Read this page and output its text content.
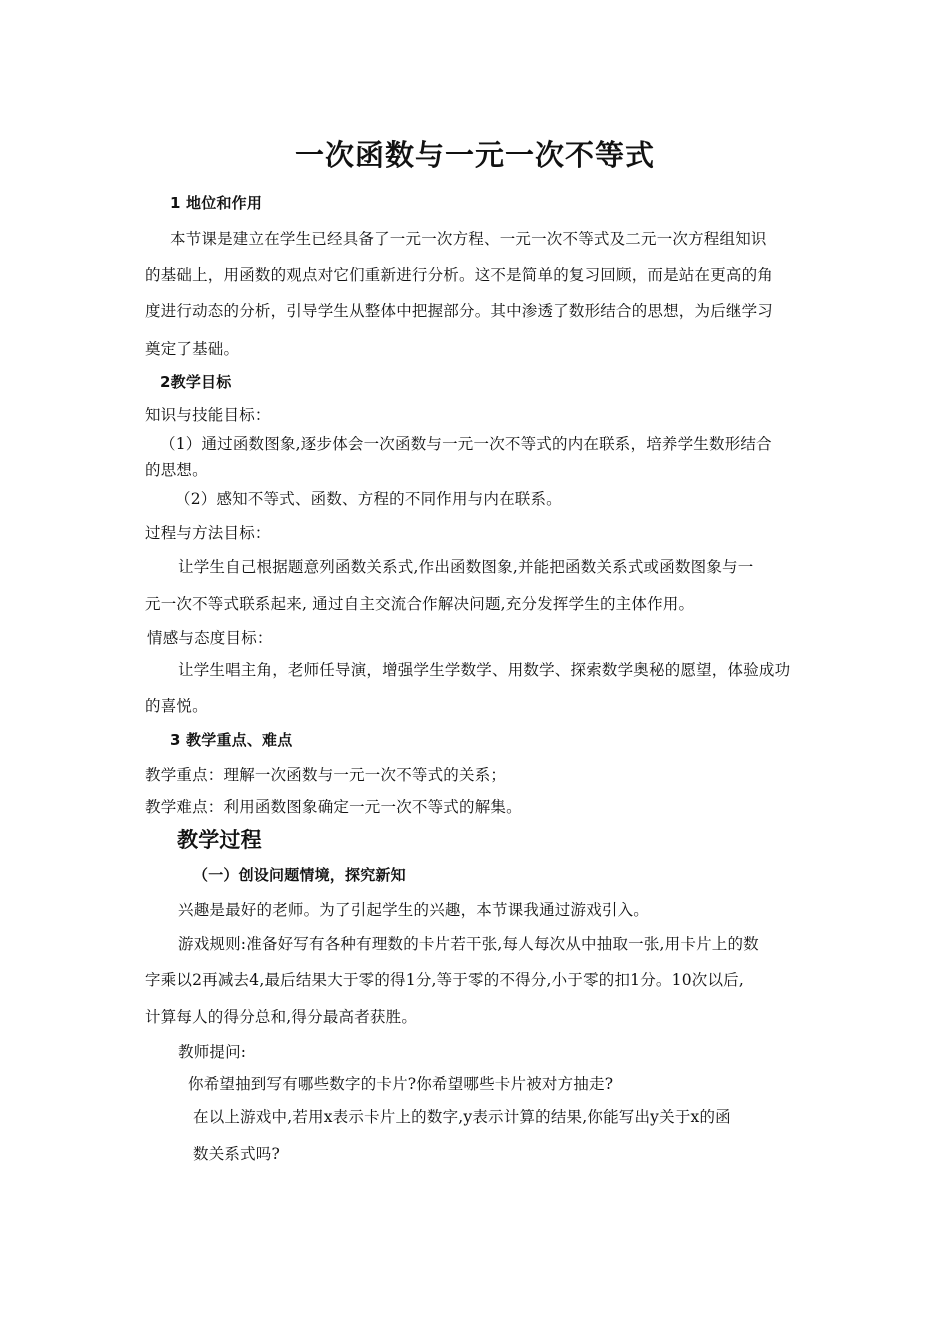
一次函数与一元一次不等式
1 地位和作用
本节课是建立在学生已经具备了一元一次方程、一元一次不等式及二元一次方程组知识
的基础上，用函数的观点对它们重新进行分析。这不是简单的复习回顾，而是站在更高的角
度进行动态的分析，引导学生从整体中把握部分。其中渗透了数形结合的思想，为后继学习
奠定了基础。
2教学目标
知识与技能目标：
（1）通过函数图象,逐步体会一次函数与一元一次不等式的内在联系，培养学生数形结合
的思想。
（2）感知不等式、函数、方程的不同作用与内在联系。
过程与方法目标：
让学生自己根据题意列函数关系式,作出函数图象,并能把函数关系式或函数图象与一
元一次不等式联系起来, 通过自主交流合作解决问题,充分发挥学生的主体作用。
情感与态度目标：
让学生唱主角，老师任导演，增强学生学数学、用数学、探索数学奥秘的愿望，体验成功
的喜悦。
3 教学重点、难点
教学重点：理解一次函数与一元一次不等式的关系；
教学难点：利用函数图象确定一元一次不等式的解集。
教学过程
（一）创设问题情境，探究新知
兴趣是最好的老师。为了引起学生的兴趣，本节课我通过游戏引入。
游戏规则:准备好写有各种有理数的卡片若干张,每人每次从中抽取一张,用卡片上的数
字乘以2再减去4,最后结果大于零的得1分,等于零的不得分,小于零的扣1分。10次以后,
计算每人的得分总和,得分最高者获胜。
教师提问:
你希望抽到写有哪些数字的卡片?你希望哪些卡片被对方抽走?
在以上游戏中,若用x表示卡片上的数字,y表示计算的结果,你能写出y关于x的函
数关系式吗?
